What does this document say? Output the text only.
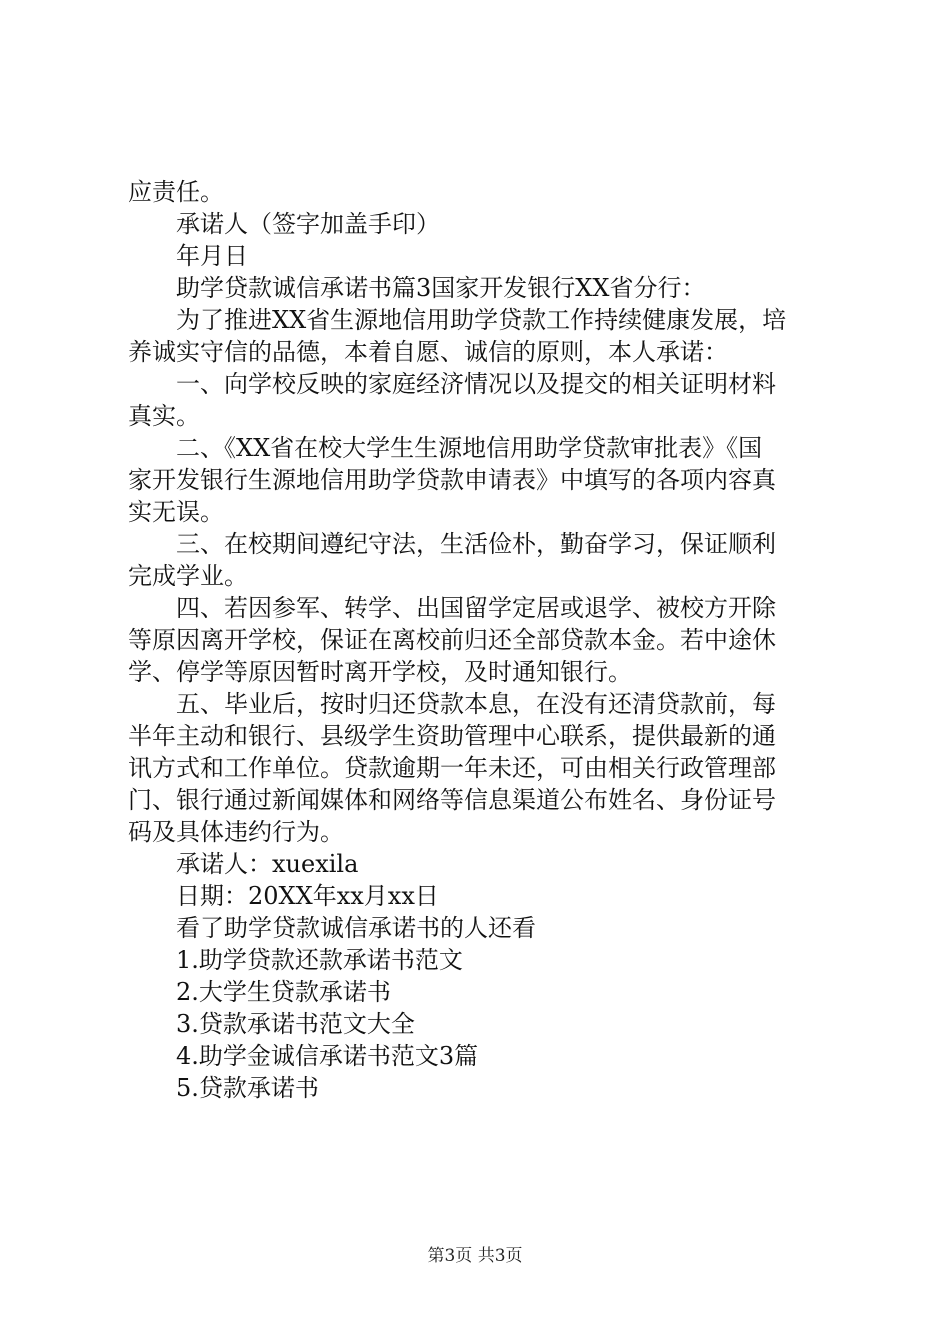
应责任。
承诺人（签字加盖手印）
年月日
助学贷款诚信承诺书篇3国家开发银行XX省分行：
为了推进XX省生源地信用助学贷款工作持续健康发展，培
养诚实守信的品德，本着自愿、诚信的原则，本人承诺：
一、向学校反映的家庭经济情况以及提交的相关证明材料
真实。
二、《XX省在校大学生生源地信用助学贷款审批表》《国
家开发银行生源地信用助学贷款申请表》中填写的各项内容真
实无误。
三、在校期间遵纪守法，生活俭朴，勤奋学习，保证顺利
完成学业。
四、若因参军、转学、出国留学定居或退学、被校方开除
等原因离开学校，保证在离校前归还全部贷款本金。若中途休
学、停学等原因暂时离开学校，及时通知银行。
五、毕业后，按时归还贷款本息，在没有还清贷款前，每
半年主动和银行、县级学生资助管理中心联系，提供最新的通
讯方式和工作单位。贷款逾期一年未还，可由相关行政管理部
门、银行通过新闻媒体和网络等信息渠道公布姓名、身份证号
码及具体违约行为。
承诺人：xuexila
日期：20XX年xx月xx日
看了助学贷款诚信承诺书的人还看
1.助学贷款还款承诺书范文
2.大学生贷款承诺书
3.贷款承诺书范文大全
4.助学金诚信承诺书范文3篇
5.贷款承诺书
第3页 共3页
